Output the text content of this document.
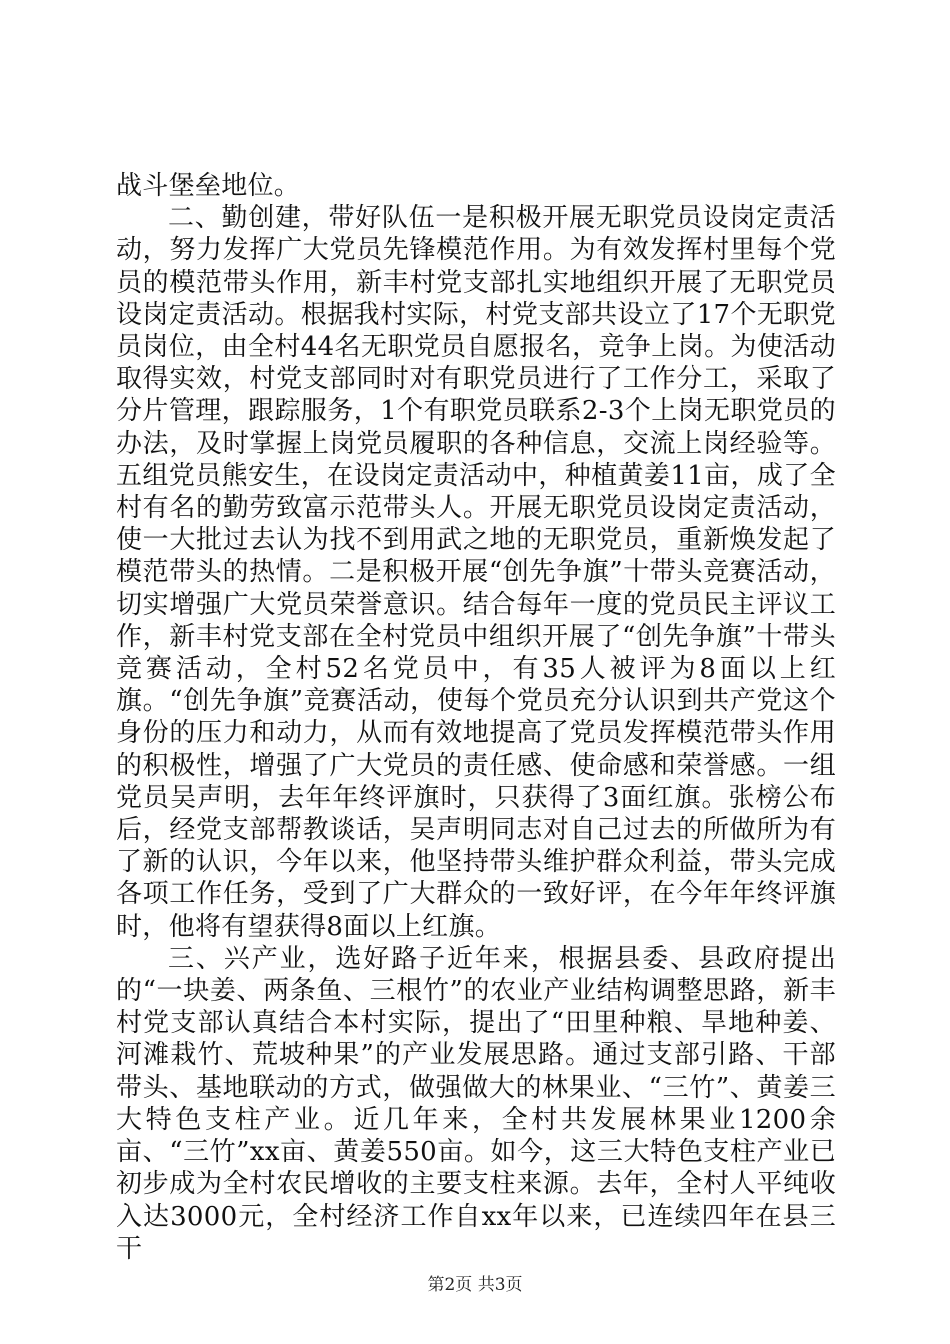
战斗堡垒地位。

二、勤创建，带好队伍一是积极开展无职党员设岗定责活动，努力发挥广大党员先锋模范作用。为有效发挥村里每个党员的模范带头作用，新丰村党支部扎实地组织开展了无职党员设岗定责活动。根据我村实际，村党支部共设立了17个无职党员岗位，由全村44名无职党员自愿报名，竞争上岗。为使活动取得实效，村党支部同时对有职党员进行了工作分工，采取了分片管理，跟踪服务，1个有职党员联系2-3个上岗无职党员的办法，及时掌握上岗党员履职的各种信息，交流上岗经验等。五组党员熊安生，在设岗定责活动中，种植黄姜11亩，成了全村有名的勤劳致富示范带头人。开展无职党员设岗定责活动，使一大批过去认为找不到用武之地的无职党员，重新焕发起了模范带头的热情。二是积极开展“创先争旗”十带头竞赛活动，切实增强广大党员荣誉意识。结合每年一度的党员民主评议工作，新丰村党支部在全村党员中组织开展了“创先争旗”十带头竞赛活动，全村52名党员中，有35人被评为8面以上红旗。“创先争旗”竞赛活动，使每个党员充分认识到共产党这个身份的压力和动力，从而有效地提高了党员发挥模范带头作用的积极性，增强了广大党员的责任感、使命感和荣誉感。一组党员吴声明，去年年终评旗时，只获得了3面红旗。张榜公布后，经党支部帮教谈话，吴声明同志对自己过去的所做所为有了新的认识，今年以来，他坚持带头维护群众利益，带头完成各项工作任务，受到了广大群众的一致好评，在今年年终评旗时，他将有望获得8面以上红旗。

三、兴产业，选好路子近年来，根据县委、县政府提出的“一块姜、两条鱼、三根竹”的农业产业结构调整思路，新丰村党支部认真结合本村实际，提出了“田里种粮、旱地种姜、河滩栽竹、荒坡种果”的产业发展思路。通过支部引路、干部带头、基地联动的方式，做强做大的林果业、“三竹”、黄姜三大特色支柱产业。近几年来，全村共发展林果业1200余亩、“三竹”xx亩、黄姜550亩。如今，这三大特色支柱产业已初步成为全村农民增收的主要支柱来源。去年，全村人平纯收入达3000元，全村经济工作自xx年以来，已连续四年在县三干

第2页 共3页
